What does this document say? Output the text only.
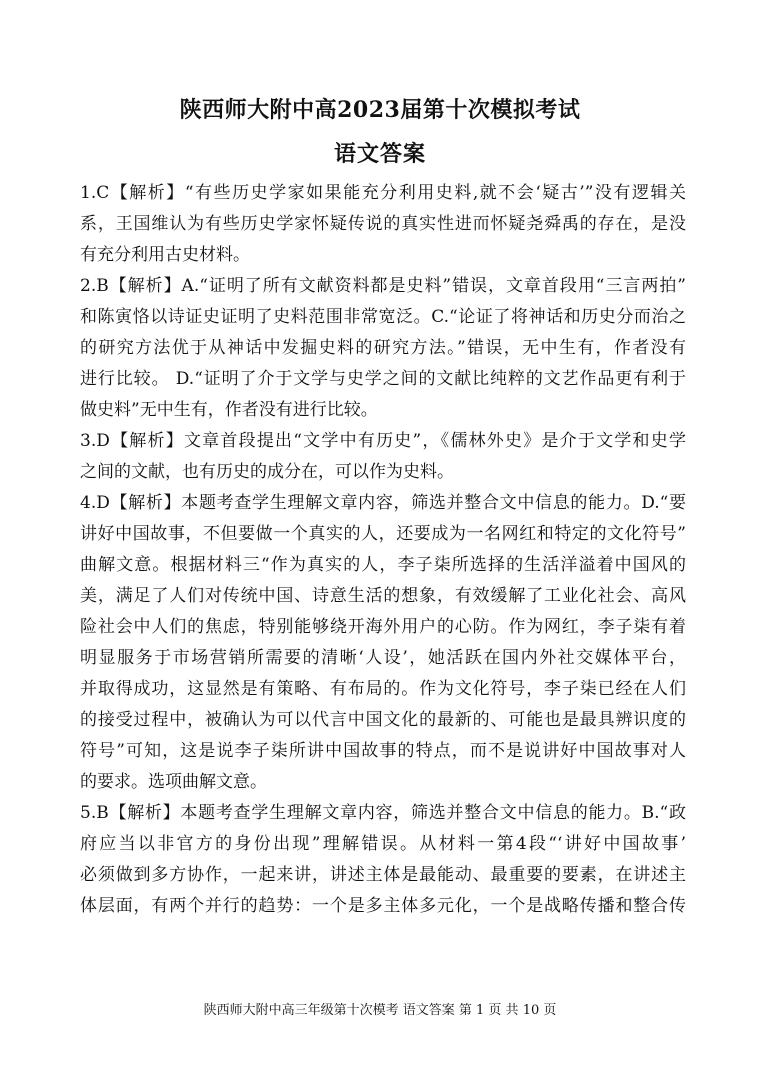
陕西师大附中高2023届第十次模拟考试
语文答案
1.C【解析】“有些历史学家如果能充分利用史料,就不会‘疑古’”没有逻辑关
系，王国维认为有些历史学家怀疑传说的真实性进而怀疑尧舜禹的存在，是没
有充分利用古史材料。
2.B【解析】A.“证明了所有文献资料都是史料”错误，文章首段用“三言两拍”
和陈寅恪以诗证史证明了史料范围非常宽泛。C.“论证了将神话和历史分而治之
的研究方法优于从神话中发掘史料的研究方法。”错误，无中生有，作者没有
进行比较。 D.“证明了介于文学与史学之间的文献比纯粹的文艺作品更有利于
做史料”无中生有，作者没有进行比较。
3.D【解析】文章首段提出“文学中有历史”，《儒林外史》是介于文学和史学
之间的文献，也有历史的成分在，可以作为史料。
4.D【解析】本题考查学生理解文章内容，筛选并整合文中信息的能力。D.“要
讲好中国故事，不但要做一个真实的人，还要成为一名网红和特定的文化符号”
曲解文意。根据材料三“作为真实的人，李子柒所选择的生活洋溢着中国风的
美，满足了人们对传统中国、诗意生活的想象，有效缓解了工业化社会、高风
险社会中人们的焦虑，特别能够绕开海外用户的心防。作为网红，李子柒有着
明显服务于市场营销所需要的清晰‘人设’，她活跃在国内外社交媒体平台，
并取得成功，这显然是有策略、有布局的。作为文化符号，李子柒已经在人们
的接受过程中，被确认为可以代言中国文化的最新的、可能也是最具辨识度的
符号”可知，这是说李子柒所讲中国故事的特点，而不是说讲好中国故事对人
的要求。选项曲解文意。
5.B【解析】本题考查学生理解文章内容，筛选并整合文中信息的能力。B.“政
府应当以非官方的身份出现”理解错误。从材料一第4段“‘讲好中国故事’
必须做到多方协作，一起来讲，讲述主体是最能动、最重要的要素，在讲述主
体层面，有两个并行的趋势：一个是多主体多元化，一个是战略传播和整合传
陕西师大附中高三年级第十次模考 语文答案 第 1 页 共 10 页
